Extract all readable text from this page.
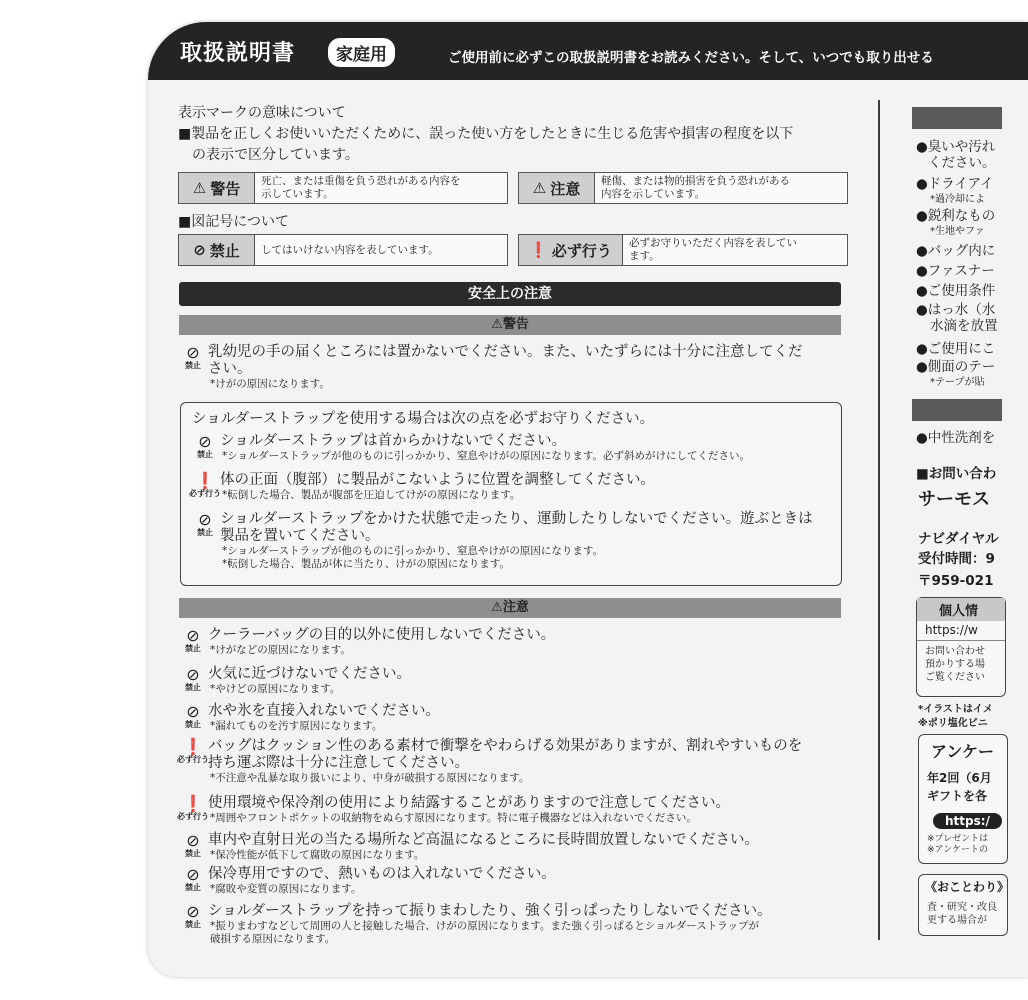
取扱説明書	家庭用	ご使用前に必ずこの取扱説明書をお読みください。そして、いつでも取り出せる
表示マークの意味について
■製品を正しくお使いいただくために、誤った使い方をしたときに生じる危害や損害の程度を以下
の表示で区分しています。
⚠ 警告 死亡、または重傷を負う恐れがある内容を
示しています。	⚠ 注意 軽傷、または物的損害を負う恐れがある
内容を示しています。
■図記号について
⊘ 禁止	してはいけない内容を表しています。	❗ 必ず行う 必ずお守りいただく内容を表してい
ます。
安全上の注意
⚠警告
⊘
禁止
乳幼児の手の届くところには置かないでください。また、いたずらには十分に注意してくだ
さい。
*けがの原因になります。
ショルダーストラップを使用する場合は次の点を必ずお守りください。
⊘
禁止
ショルダーストラップは首からかけないでください。
*ショルダーストラップが他のものに引っかかり、窒息やけがの原因になります。必ず斜めがけにしてください。
❗
必ず行う
体の正面（腹部）に製品がこないように位置を調整してください。
*転倒した場合、製品が腹部を圧迫してけがの原因になります。
⊘
禁止
ショルダーストラップをかけた状態で走ったり、運動したりしないでください。遊ぶときは
製品を置いてください。
*ショルダーストラップが他のものに引っかかり、窒息やけがの原因になります。
*転倒した場合、製品が体に当たり、けがの原因になります。
⚠注意
⊘
禁止
クーラーバッグの目的以外に使用しないでください。
*けがなどの原因になります。
⊘
禁止
火気に近づけないでください。
*やけどの原因になります。
⊘
禁止
水や氷を直接入れないでください。
*漏れてものを汚す原因になります。
❗
必ず行う
バッグはクッション性のある素材で衝撃をやわらげる効果がありますが、割れやすいものを
持ち運ぶ際は十分に注意してください。
*不注意や乱暴な取り扱いにより、中身が破損する原因になります。
❗
必ず行う
使用環境や保冷剤の使用により結露することがありますので注意してください。
*周囲やフロントポケットの収納物をぬらす原因になります。特に電子機器などは入れないでください。
⊘
禁止
車内や直射日光の当たる場所など高温になるところに長時間放置しないでください。
*保冷性能が低下して腐敗の原因になります。
⊘
禁止
保冷専用ですので、熱いものは入れないでください。
*腐敗や変質の原因になります。
⊘
禁止
ショルダーストラップを持って振りまわしたり、強く引っぱったりしないでください。
*振りまわすなどして周囲の人と接触した場合、けがの原因になります。また強く引っぱるとショルダーストラップが
破損する原因になります。
●臭いや汚れ
ください。
●ドライアイ
*過冷却によ
●鋭利なもの
*生地やファ
●バッグ内に
●ファスナー
●ご使用条件
●はっ水（水
水滴を放置
●ご使用にこ
●側面のテー
*テープが貼
●中性洗剤を
■お問い合わ
サーモス
ナビダイヤル
受付時間：9
〒959-021
個人情
https://w
お問い合わせ
預かりする場
ご覧ください
*イラストはイメ
※ポリ塩化ビニ
アンケー
年2回（6月
ギフトを各
https:/
※プレゼントは
※アンケートの
《おことわり》
査・研究・改良
更する場合が
